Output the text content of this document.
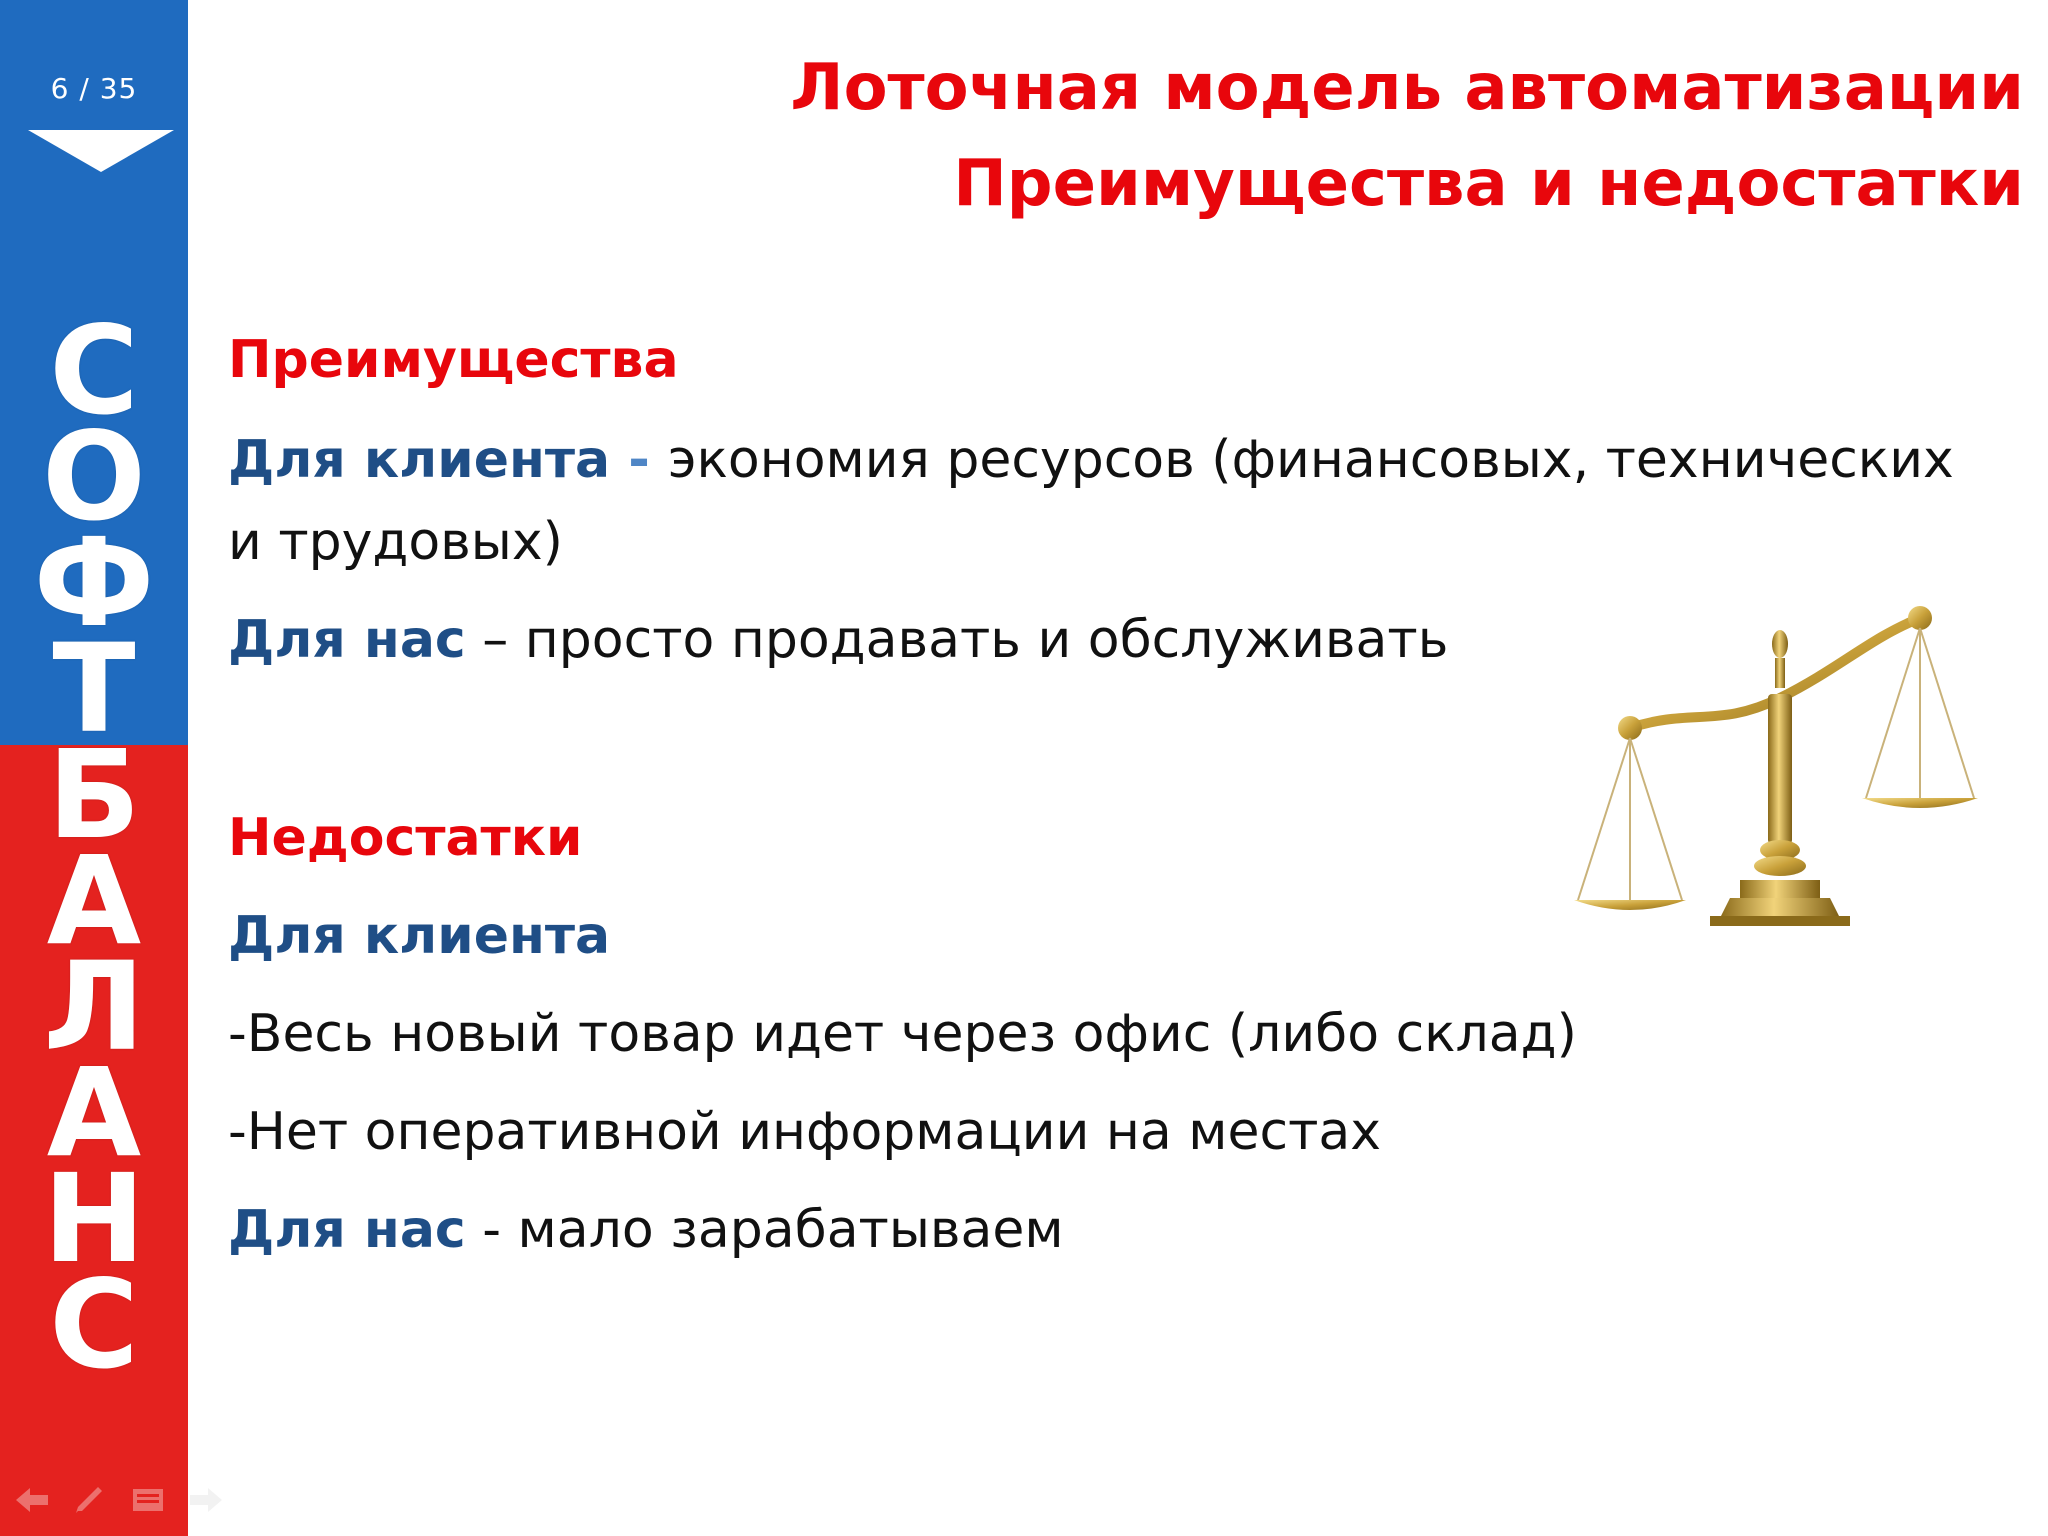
6 / 35
С
О
Ф
Т
Б
А
Л
А
Н
С
Лоточная модель автоматизации
Преимущества и недостатки
Преимущества
Для клиента - экономия ресурсов (финансовых, технических
и трудовых)
Для нас – просто продавать и обслуживать
Недостатки
Для клиента
-Весь новый товар идет через офис (либо склад)
-Нет оперативной информации на местах
Для нас - мало зарабатываем
